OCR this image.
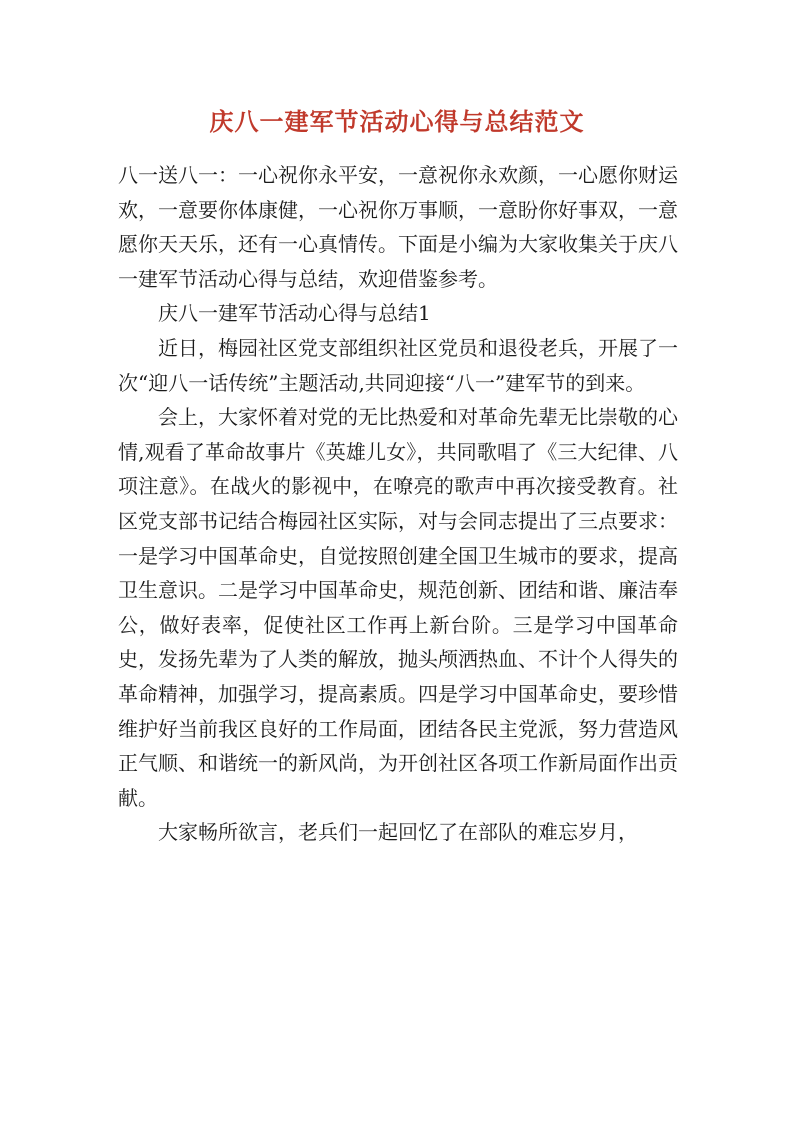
庆八一建军节活动心得与总结范文

八一送八一：一心祝你永平安，一意祝你永欢颜，一心愿你财运欢，一意要你体康健，一心祝你万事顺，一意盼你好事双，一意愿你天天乐，还有一心真情传。下面是小编为大家收集关于庆八一建军节活动心得与总结，欢迎借鉴参考。

庆八一建军节活动心得与总结1

近日，梅园社区党支部组织社区党员和退役老兵，开展了一次“迎八一话传统”主题活动,共同迎接“八一”建军节的到来。

会上，大家怀着对党的无比热爱和对革命先辈无比崇敬的心情,观看了革命故事片《英雄儿女》，共同歌唱了《三大纪律、八项注意》。在战火的影视中，在嘹亮的歌声中再次接受教育。社区党支部书记结合梅园社区实际，对与会同志提出了三点要求：一是学习中国革命史，自觉按照创建全国卫生城市的要求，提高卫生意识。二是学习中国革命史，规范创新、团结和谐、廉洁奉公，做好表率，促使社区工作再上新台阶。三是学习中国革命史，发扬先辈为了人类的解放，抛头颅洒热血、不计个人得失的革命精神，加强学习，提高素质。四是学习中国革命史，要珍惜维护好当前我区良好的工作局面，团结各民主党派，努力营造风正气顺、和谐统一的新风尚，为开创社区各项工作新局面作出贡献。

大家畅所欲言，老兵们一起回忆了在部队的难忘岁月，
